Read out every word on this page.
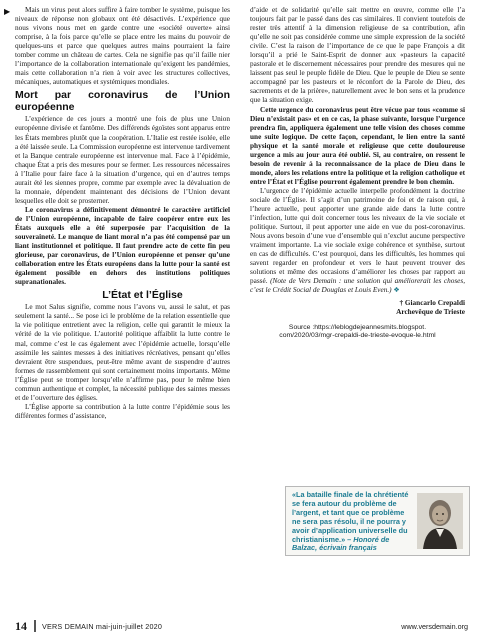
▶	Mais un virus peut alors suffire à faire tomber le système, puisque les niveaux de réponse non globaux ont été désactivés. L’expérience que nous vivons nous met en garde contre une «société ouverte» ainsi comprise, à la fois parce qu’elle se place entre les mains du pouvoir de quelques-uns et parce que quelques autres mains pourraient la faire tomber comme un château de cartes. Cela ne signifie pas qu’il faille nier l’importance de la collaboration internationale qu’exigent les pandémies, mais cette collaboration n’a rien à voir avec les structures collectives, mécaniques, automatiques et systémiques mondiales.

Mort par coronavirus de l’Union européenne

L’expérience de ces jours a montré une fois de plus une Union européenne divisée et fantôme. Des différends égoïstes sont apparus entre les États membres plutôt que la coopération. L’Italie est restée isolée, elle a été laissée seule. La Commission européenne est intervenue tardivement et la Banque centrale européenne est intervenue mal. Face à l’épidémie, chaque État a pris des mesures pour se fermer. Les ressources nécessaires à l’Italie pour faire face à la situation d’urgence, qui en d’autres temps aurait été les siennes propre, comme par exemple avec la dévaluation de la monnaie, dépendent maintenant des décisions de l’Union devant lesquelles elle doit se prosterner.

Le coronavirus a définitivement démontré le caractère artificiel de l’Union européenne, incapable de faire coopérer entre eux les États auxquels elle a été superposée par l’acquisition de la souveraineté. Le manque de liant moral n’a pas été compensé par un liant institutionnel et politique. Il faut prendre acte de cette fin peu glorieuse, par coronavirus, de l’Union européenne et penser qu’une collaboration entre les États européens dans la lutte pour la santé est également possible en dehors des institutions politiques supranationales.

L’État et l’Église

Le mot Salus signifie, comme nous l’avons vu, aussi le salut, et pas seulement la santé... Se pose ici le problème de la relation essentielle que la vie politique entretient avec la religion, celle qui garantit le mieux la vérité de la vie politique. L’autorité politique affaiblit la lutte contre le mal, comme c’est le cas également avec l’épidémie actuelle, lorsqu’elle assimile les saintes messes à des initiatives récréatives, pensant qu’elles devraient être suspendues, peut-être même avant de suspendre d’autres formes de rassemblement qui sont certainement moins importants. Même l’Église peut se tromper lorsqu’elle n’affirme pas, pour le même bien commun authentique et complet, la nécessité publique des saintes messes et de l’ouverture des églises.

L’Église apporte sa contribution à la lutte contre l’épidémie sous les différentes formes d’assistance,

d’aide et de solidarité qu’elle sait mettre en œuvre, comme elle l’a toujours fait par le passé dans des cas similaires. Il convient toutefois de rester très attentif à la dimension religieuse de sa contribution, afin qu’elle ne soit pas considérée comme une simple expression de la société civile. C’est la raison de l’importance de ce que le pape François a dit lorsqu’il a prié le Saint-Esprit de donner aux «pasteurs la capacité pastorale et le discernement nécessaires pour prendre des mesures qui ne laissent pas seul le peuple fidèle de Dieu. Que le peuple de Dieu se sente accompagné par les pasteurs et le réconfort de la Parole de Dieu, des sacrements et de la prière», naturellement avec le bon sens et la prudence que la situation exige.

Cette urgence du coronavirus peut être vécue par tous «comme si Dieu n’existait pas» et en ce cas, la phase suivante, lorsque l’urgence prendra fin, appliquera également une telle vision des choses comme une suite logique. De cette façon, cependant, le lien entre la santé physique et la santé morale et religieuse que cette douloureuse urgence a mis au jour aura été oublié. Si, au contraire, on ressent le besoin de revenir à la reconnaissance de la place de Dieu dans le monde, alors les relations entre la politique et la religion catholique et entre l’État et l’Église pourront également prendre le bon chemin.

L’urgence de l’épidémie actuelle interpelle profondément la doctrine sociale de l’Église. Il s’agit d’un patrimoine de foi et de raison qui, à l’heure actuelle, peut apporter une grande aide dans la lutte contre l’infection, lutte qui doit concerner tous les niveaux de la vie sociale et politique. Surtout, il peut apporter une aide en vue du post-coronavirus. Nous avons besoin d’une vue d’ensemble qui n’exclut aucune perspective vraiment importante. La vie sociale exige cohérence et synthèse, surtout en cas de difficultés. C’est pourquoi, dans les difficultés, les hommes qui savent regarder en profondeur et vers le haut peuvent trouver des solutions et même des occasions d’améliorer les choses par rapport au passé. (Note de Vers Demain : une solution qui améliorerait les choses, c’est le Crédit Social de Douglas et Louis Even.) ❖

† Giancarlo Crepaldi
Archevêque de Trieste
Source :https://leblogdejeannesmits.blogspot.
com/2020/03/mgr-crepaldi-de-trieste-evoque-le.html
«La bataille finale de la chrétienté se fera autour du problème de l’argent, et tant que ce problème ne sera pas résolu, il ne pourra y avoir d’application universelle du christianisme.» – Honoré de Balzac, écrivain français
14 VERS DEMAIN mai-juin-juillet 2020	www.versdemain.org
